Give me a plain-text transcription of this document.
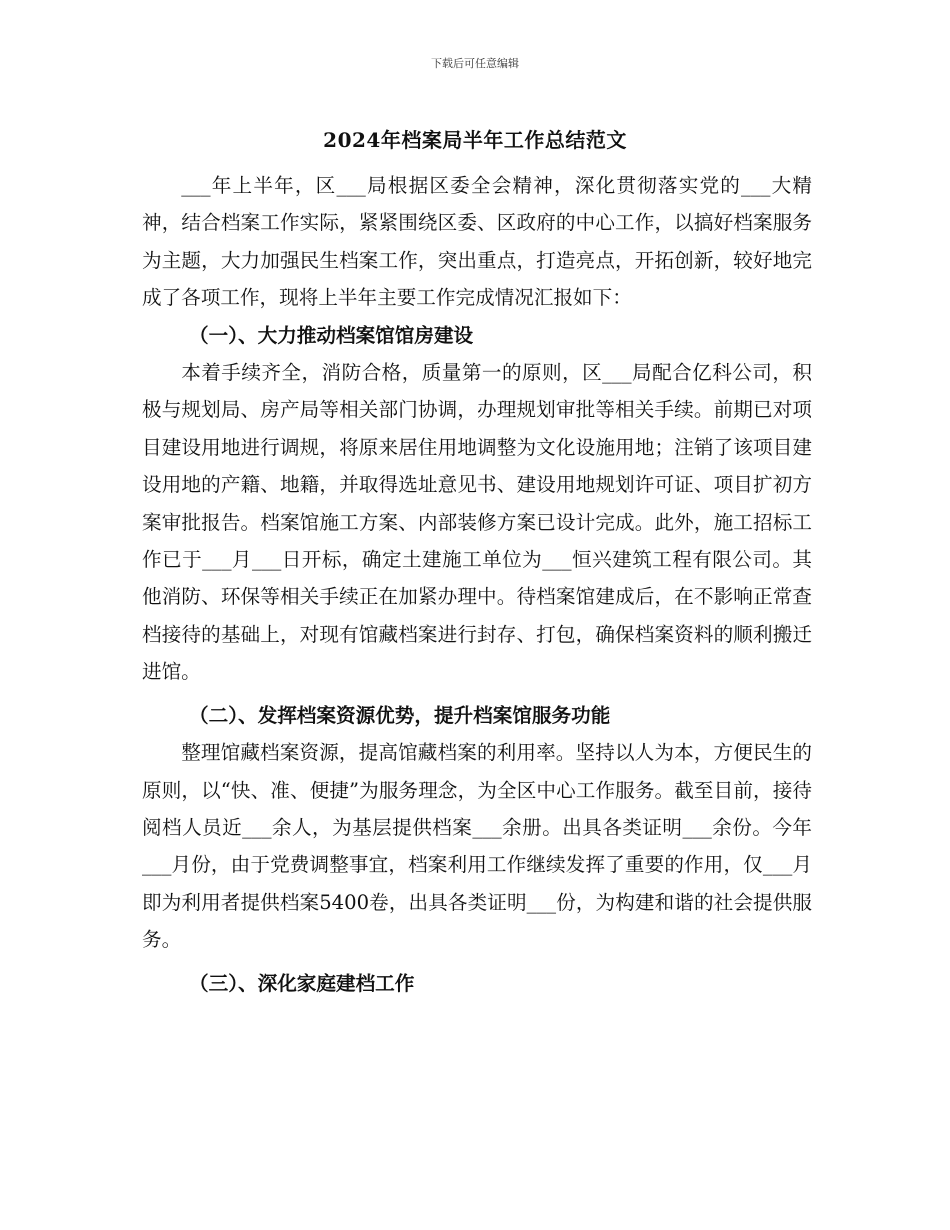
下载后可任意编辑
2024年档案局半年工作总结范文

___年上半年，区___局根据区委全会精神，深化贯彻落实党的___大精神，结合档案工作实际，紧紧围绕区委、区政府的中心工作，以搞好档案服务为主题，大力加强民生档案工作，突出重点，打造亮点，开拓创新，较好地完成了各项工作，现将上半年主要工作完成情况汇报如下：

（一）、大力推动档案馆馆房建设

本着手续齐全，消防合格，质量第一的原则，区___局配合亿科公司，积极与规划局、房产局等相关部门协调，办理规划审批等相关手续。前期已对项目建设用地进行调规，将原来居住用地调整为文化设施用地；注销了该项目建设用地的产籍、地籍，并取得选址意见书、建设用地规划许可证、项目扩初方案审批报告。档案馆施工方案、内部装修方案已设计完成。此外，施工招标工作已于___月___日开标，确定土建施工单位为___恒兴建筑工程有限公司。其他消防、环保等相关手续正在加紧办理中。待档案馆建成后，在不影响正常查档接待的基础上，对现有馆藏档案进行封存、打包，确保档案资料的顺利搬迁进馆。

（二）、发挥档案资源优势，提升档案馆服务功能

整理馆藏档案资源，提高馆藏档案的利用率。坚持以人为本，方便民生的原则，以“快、准、便捷”为服务理念，为全区中心工作服务。截至目前，接待阅档人员近___余人，为基层提供档案___余册。出具各类证明___余份。今年___月份，由于党费调整事宜，档案利用工作继续发挥了重要的作用，仅___月即为利用者提供档案5400卷，出具各类证明___份，为构建和谐的社会提供服务。

（三）、深化家庭建档工作
